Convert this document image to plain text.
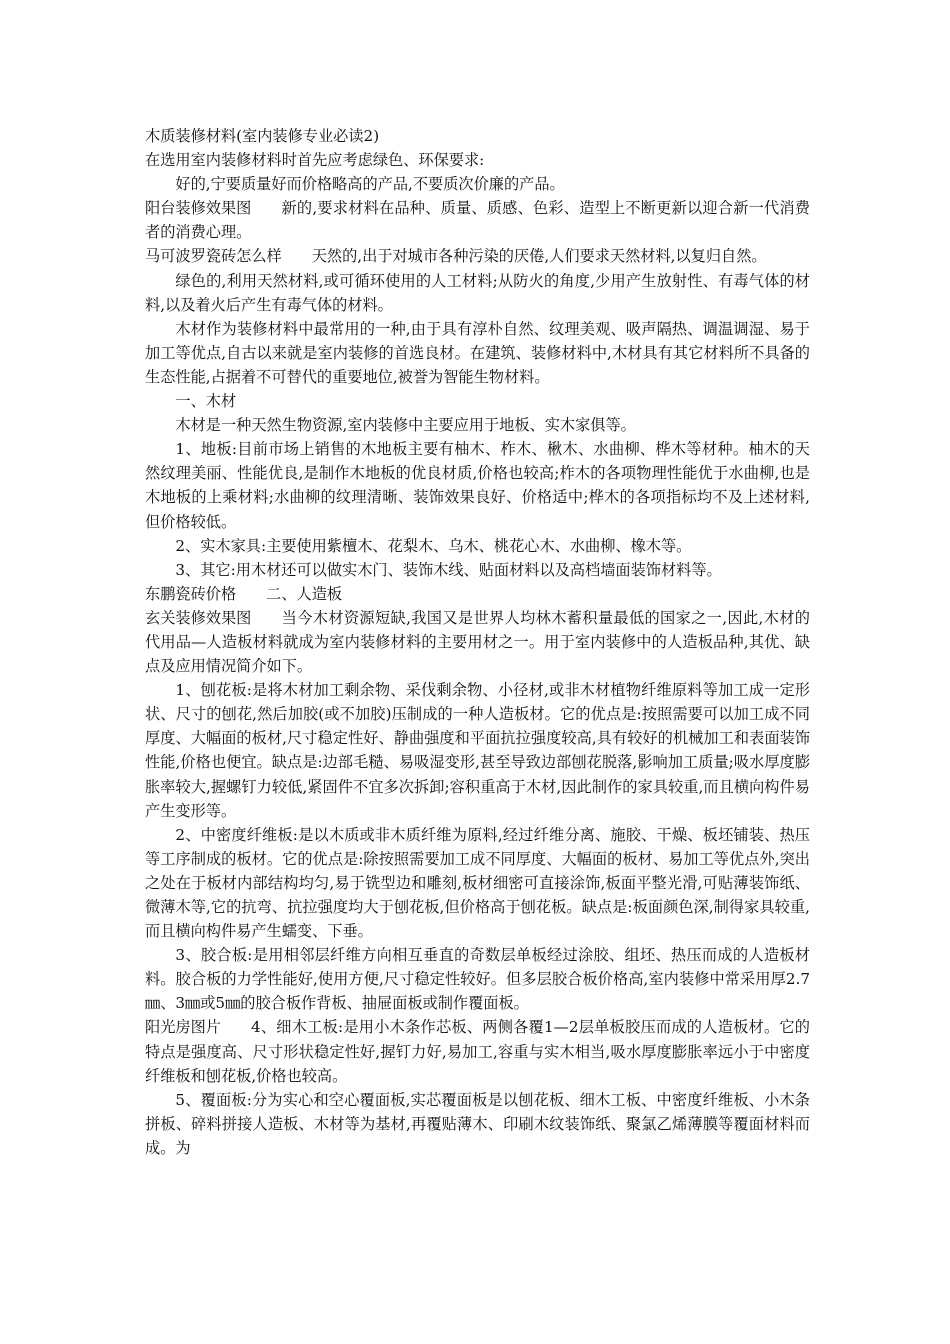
木质装修材料(室内装修专业必读2)

在选用室内装修材料时首先应考虑绿色、环保要求:

好的,宁要质量好而价格略高的产品,不要质次价廉的产品。

阳台装修效果图 新的,要求材料在品种、质量、质感、色彩、造型上不断更新以迎合新一代消费者的消费心理。

马可波罗瓷砖怎么样 天然的,出于对城市各种污染的厌倦,人们要求天然材料,以复归自然。

绿色的,利用天然材料,或可循环使用的人工材料;从防火的角度,少用产生放射性、有毒气体的材料,以及着火后产生有毒气体的材料。

木材作为装修材料中最常用的一种,由于具有淳朴自然、纹理美观、吸声隔热、调温调湿、易于加工等优点,自古以来就是室内装修的首选良材。在建筑、装修材料中,木材具有其它材料所不具备的生态性能,占据着不可替代的重要地位,被誉为智能生物材料。

一、木材

木材是一种天然生物资源,室内装修中主要应用于地板、实木家俱等。

1、地板:目前市场上销售的木地板主要有柚木、柞木、楸木、水曲柳、桦木等材种。柚木的天然纹理美丽、性能优良,是制作木地板的优良材质,价格也较高;柞木的各项物理性能优于水曲柳,也是木地板的上乘材料;水曲柳的纹理清晰、装饰效果良好、价格适中;桦木的各项指标均不及上述材料,但价格较低。

2、实木家具:主要使用紫檀木、花梨木、乌木、桃花心木、水曲柳、橡木等。

3、其它:用木材还可以做实木门、装饰木线、贴面材料以及高档墙面装饰材料等。

东鹏瓷砖价格 二、人造板

玄关装修效果图 当今木材资源短缺,我国又是世界人均林木蓄积量最低的国家之一,因此,木材的代用品—人造板材料就成为室内装修材料的主要用材之一。用于室内装修中的人造板品种,其优、缺点及应用情况简介如下。

1、刨花板:是将木材加工剩余物、采伐剩余物、小径材,或非木材植物纤维原料等加工成一定形状、尺寸的刨花,然后加胶(或不加胶)压制成的一种人造板材。它的优点是:按照需要可以加工成不同厚度、大幅面的板材,尺寸稳定性好、静曲强度和平面抗拉强度较高,具有较好的机械加工和表面装饰性能,价格也便宜。缺点是:边部毛糙、易吸湿变形,甚至导致边部刨花脱落,影响加工质量;吸水厚度膨胀率较大,握螺钉力较低,紧固件不宜多次拆卸;容积重高于木材,因此制作的家具较重,而且横向构件易产生变形等。

2、中密度纤维板:是以木质或非木质纤维为原料,经过纤维分离、施胶、干燥、板坯铺装、热压等工序制成的板材。它的优点是:除按照需要加工成不同厚度、大幅面的板材、易加工等优点外,突出之处在于板材内部结构均匀,易于铣型边和雕刻,板材细密可直接涂饰,板面平整光滑,可贴薄装饰纸、微薄木等,它的抗弯、抗拉强度均大于刨花板,但价格高于刨花板。缺点是:板面颜色深,制得家具较重,而且横向构件易产生蠕变、下垂。

3、胶合板:是用相邻层纤维方向相互垂直的奇数层单板经过涂胶、组坯、热压而成的人造板材料。胶合板的力学性能好,使用方便,尺寸稳定性较好。但多层胶合板价格高,室内装修中常采用厚2.7㎜、3㎜或5㎜的胶合板作背板、抽屉面板或制作覆面板。

阳光房图片 4、细木工板:是用小木条作芯板、两侧各覆1—2层单板胶压而成的人造板材。它的特点是强度高、尺寸形状稳定性好,握钉力好,易加工,容重与实木相当,吸水厚度膨胀率远小于中密度纤维板和刨花板,价格也较高。

5、覆面板:分为实心和空心覆面板,实芯覆面板是以刨花板、细木工板、中密度纤维板、小木条拼板、碎料拼接人造板、木材等为基材,再覆贴薄木、印刷木纹装饰纸、聚氯乙烯薄膜等覆面材料而成。为
